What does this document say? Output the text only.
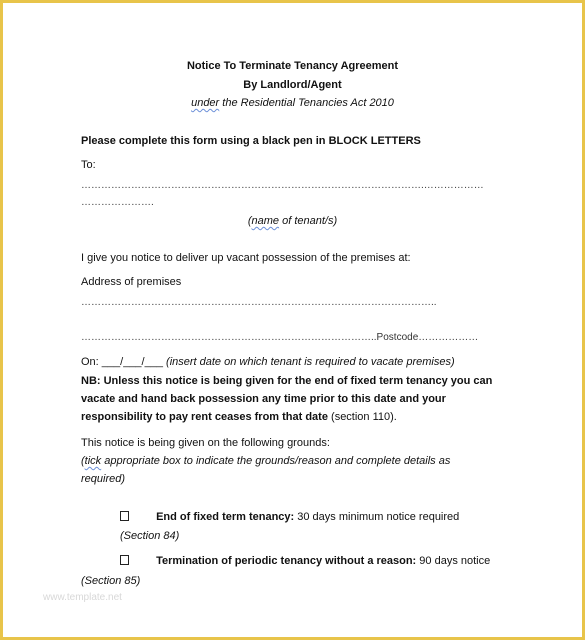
Notice To Terminate Tenancy Agreement
By Landlord/Agent
under the Residential Tenancies Act 2010
Please complete this form using a black pen in BLOCK LETTERS
To:
………………………………………………………………………………………….………………
………………….
(name of tenant/s)
I give you notice to deliver up vacant possession of the premises at:
Address of premises
……………………………………………………………………………………………..
……………………………………………………………………………..Postcode………………
On: ___/___/___ (insert date on which tenant is required to vacate premises)
NB: Unless this notice is being given for the end of fixed term tenancy you can
vacate and hand back possession any time prior to this date and your
responsibility to pay rent ceases from that date (section 110).
This notice is being given on the following grounds:
(tick appropriate box to indicate the grounds/reason and complete details as
required)
End of fixed term tenancy: 30 days minimum notice required
(Section 84)
Termination of periodic tenancy without a reason: 90 days notice
(Section 85)
www.template.net
